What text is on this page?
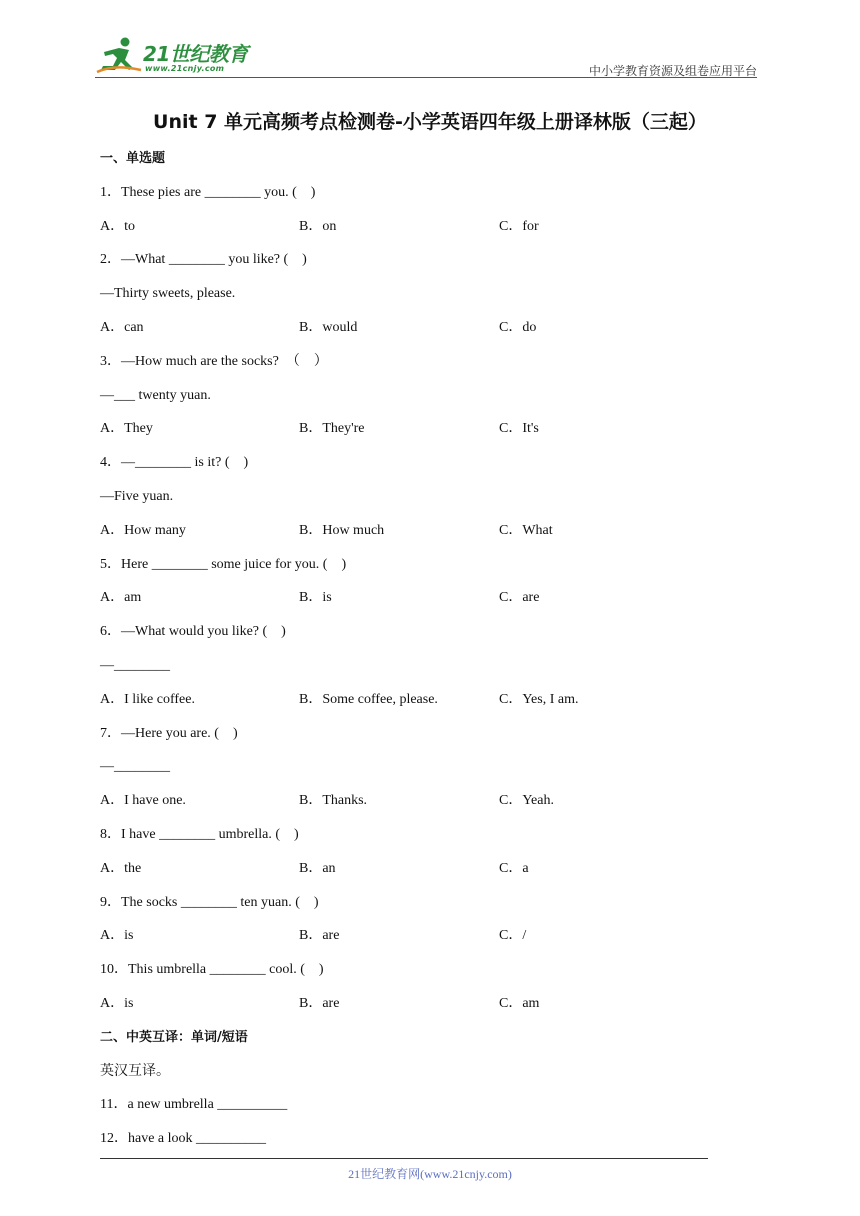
21世纪教育
www.21cnjy.com	中小学教育资源及组卷应用平台
Unit 7 单元高频考点检测卷-小学英语四年级上册译林版（三起）
一、单选题
1．These pies are ________ you. (　)
A．to	B．on	C．for
2．—What ________ you like? (　)
—Thirty sweets, please.
A．can	B．would	C．do
3．—How much are the socks?　（　）
—___ twenty yuan.
A．They	B．They're	C．It's
4．—________ is it? (　)
—Five yuan.
A．How many	B．How much	C．What
5．Here ________ some juice for you. (　)
A．am	B．is	C．are
6．—What would you like? (　)
—________
A．I like coffee.	B．Some coffee, please.	C．Yes, I am.
7．—Here you are. (　)
—________
A．I have one.	B．Thanks.	C．Yeah.
8．I have ________ umbrella. (　)
A．the	B．an	C．a
9．The socks ________ ten yuan. (　)
A．is	B．are	C．/
10．This umbrella ________ cool. (　)
A．is	B．are	C．am
二、中英互译：单词/短语
英汉互译。
11．a new umbrella __________
12．have a look __________
21世纪教育网(www.21cnjy.com)
